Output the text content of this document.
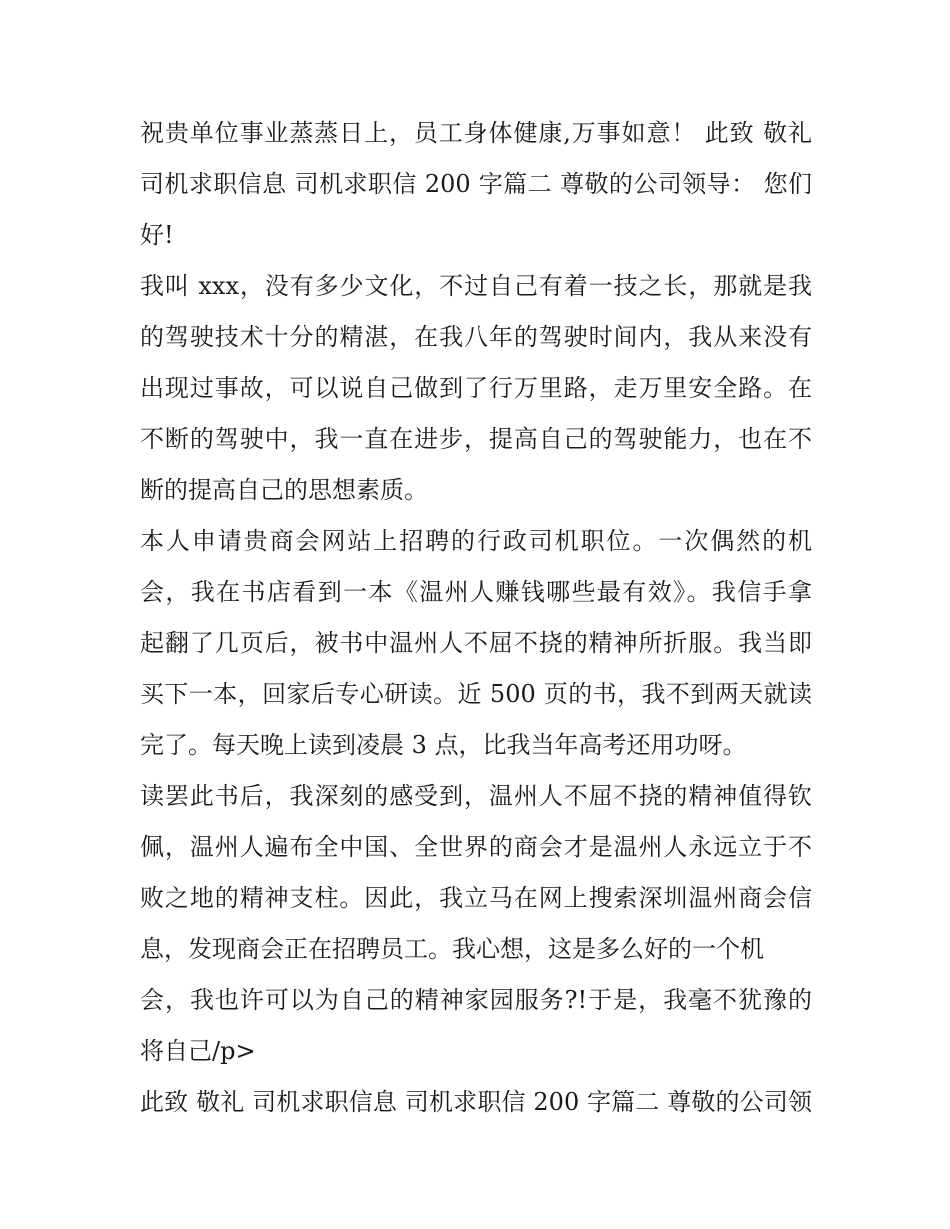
祝贵单位事业蒸蒸日上，员工身体健康,万事如意！ 此致 敬礼
司机求职信息 司机求职信 200 字篇二 尊敬的公司领导： 您们
好!
我叫 xxx，没有多少文化，不过自己有着一技之长，那就是我
的驾驶技术十分的精湛，在我八年的驾驶时间内，我从来没有
出现过事故，可以说自己做到了行万里路，走万里安全路。在
不断的驾驶中，我一直在进步，提高自己的驾驶能力，也在不
断的提高自己的思想素质。
本人申请贵商会网站上招聘的行政司机职位。一次偶然的机
会，我在书店看到一本《温州人赚钱哪些最有效》。我信手拿
起翻了几页后，被书中温州人不屈不挠的精神所折服。我当即
买下一本，回家后专心研读。近 500 页的书，我不到两天就读
完了。每天晚上读到凌晨 3 点，比我当年高考还用功呀。
读罢此书后，我深刻的感受到，温州人不屈不挠的精神值得钦
佩，温州人遍布全中国、全世界的商会才是温州人永远立于不
败之地的精神支柱。因此，我立马在网上搜索深圳温州商会信
息，发现商会正在招聘员工。我心想，这是多么好的一个机
会，我也许可以为自己的精神家园服务?!于是，我毫不犹豫的
将自己/p>
此致 敬礼 司机求职信息 司机求职信 200 字篇二 尊敬的公司领
